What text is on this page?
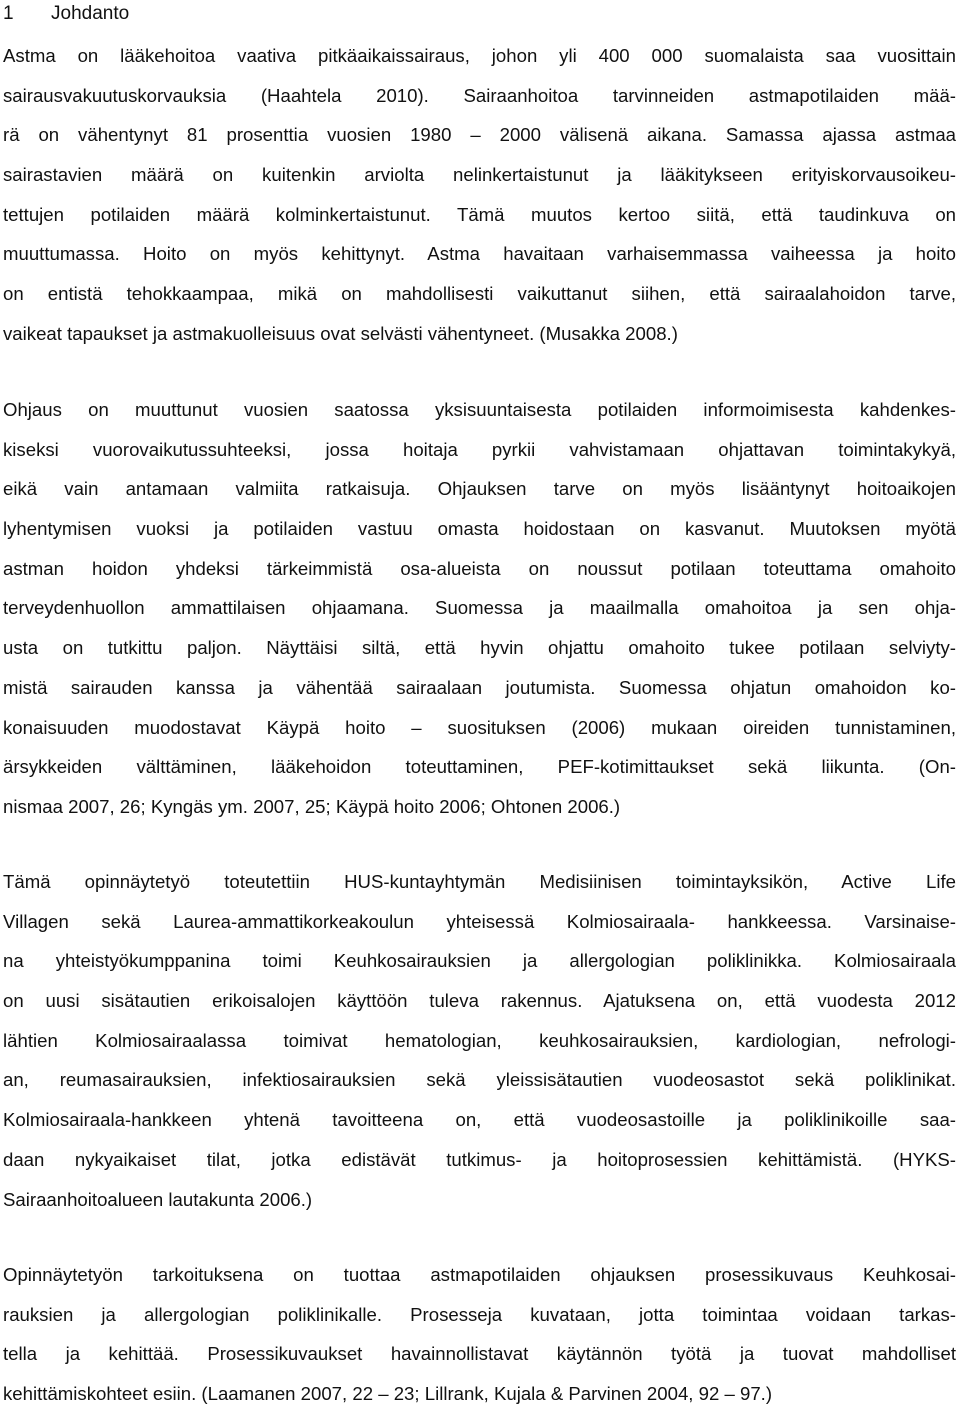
1 Johdanto
Astma on lääkehoitoa vaativa pitkäaikaissairaus, johon yli 400 000 suomalaista saa vuosittain
sairausvakuutuskorvauksia (Haahtela 2010). Sairaanhoitoa tarvinneiden astmapotilaiden mää-
rä on vähentynyt 81 prosenttia vuosien 1980 – 2000 välisenä aikana. Samassa ajassa astmaa
sairastavien määrä on kuitenkin arviolta nelinkertaistunut ja lääkitykseen erityiskorvausoikeu-
tettujen potilaiden määrä kolminkertaistunut. Tämä muutos kertoo siitä, että taudinkuva on
muuttumassa. Hoito on myös kehittynyt. Astma havaitaan varhaisemmassa vaiheessa ja hoito
on entistä tehokkaampaa, mikä on mahdollisesti vaikuttanut siihen, että sairaalahoidon tarve,
vaikeat tapaukset ja astmakuolleisuus ovat selvästi vähentyneet. (Musakka 2008.)
Ohjaus on muuttunut vuosien saatossa yksisuuntaisesta potilaiden informoimisesta kahdenkes-
kiseksi vuorovaikutussuhteeksi, jossa hoitaja pyrkii vahvistamaan ohjattavan toimintakykyä,
eikä vain antamaan valmiita ratkaisuja. Ohjauksen tarve on myös lisääntynyt hoitoaikojen
lyhentymisen vuoksi ja potilaiden vastuu omasta hoidostaan on kasvanut. Muutoksen myötä
astman hoidon yhdeksi tärkeimmistä osa-alueista on noussut potilaan toteuttama omahoito
terveydenhuollon ammattilaisen ohjaamana. Suomessa ja maailmalla omahoitoa ja sen ohja-
usta on tutkittu paljon. Näyttäisi siltä, että hyvin ohjattu omahoito tukee potilaan selviyty-
mistä sairauden kanssa ja vähentää sairaalaan joutumista. Suomessa ohjatun omahoidon ko-
konaisuuden muodostavat Käypä hoito – suosituksen (2006) mukaan oireiden tunnistaminen,
ärsykkeiden välttäminen, lääkehoidon toteuttaminen, PEF-kotimittaukset sekä liikunta. (On-
nismaa 2007, 26; Kyngäs ym. 2007, 25; Käypä hoito 2006; Ohtonen 2006.)
Tämä opinnäytetyö toteutettiin HUS-kuntayhtymän Medisiinisen toimintayksikön, Active Life
Villagen sekä Laurea-ammattikorkeakoulun yhteisessä Kolmiosairaala- hankkeessa. Varsinaise-
na yhteistyökumppanina toimi Keuhkosairauksien ja allergologian poliklinikka. Kolmiosairaala
on uusi sisätautien erikoisalojen käyttöön tuleva rakennus. Ajatuksena on, että vuodesta 2012
lähtien Kolmiosairaalassa toimivat hematologian, keuhkosairauksien, kardiologian, nefrologi-
an, reumasairauksien, infektiosairauksien sekä yleissisätautien vuodeosastot sekä poliklinikat.
Kolmiosairaala-hankkeen yhtenä tavoitteena on, että vuodeosastoille ja poliklinikoille saa-
daan nykyaikaiset tilat, jotka edistävät tutkimus- ja hoitoprosessien kehittämistä. (HYKS-
Sairaanhoitoalueen lautakunta 2006.)
Opinnäytetyön tarkoituksena on tuottaa astmapotilaiden ohjauksen prosessikuvaus Keuhkosai-
rauksien ja allergologian poliklinikalle. Prosesseja kuvataan, jotta toimintaa voidaan tarkas-
tella ja kehittää. Prosessikuvaukset havainnollistavat käytännön työtä ja tuovat mahdolliset
kehittämiskohteet esiin. (Laamanen 2007, 22 – 23; Lillrank, Kujala & Parvinen 2004, 92 – 97.)
